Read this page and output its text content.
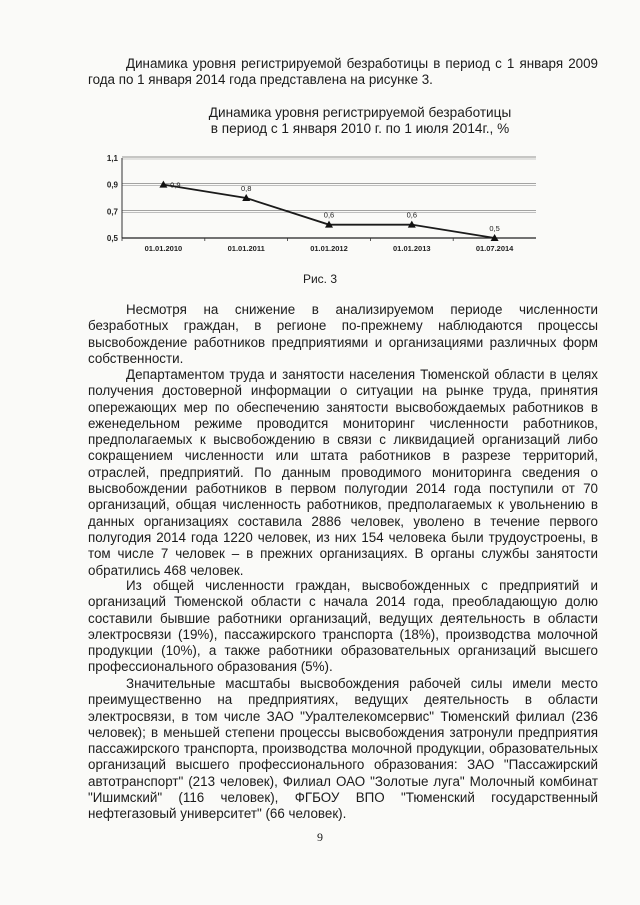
Динамика уровня регистрируемой безработицы в период с 1 января 2009 года по 1 января 2014 года представлена на рисунке 3.

Динамика уровня регистрируемой безработицы
в период с 1 января 2010 г. по 1 июля 2014г., %
1,1
0,9
0,7
0,5
01.01.2010	01.01.2011	01.01.2012	01.01.2013	01.07.2014
0,9	0,8
0,6	0,6
0,5
Рис. 3

Несмотря на снижение в анализируемом периоде численности безработных граждан, в регионе по-прежнему наблюдаются процессы высвобождение работников предприятиями и организациями различных форм собственности.

Департаментом труда и занятости населения Тюменской области в целях получения достоверной информации о ситуации на рынке труда, принятия опережающих мер по обеспечению занятости высвобождаемых работников в еженедельном режиме проводится мониторинг численности работников, предполагаемых к высвобождению в связи с ликвидацией организаций либо сокращением численности или штата работников в разрезе территорий, отраслей, предприятий. По данным проводимого мониторинга сведения о высвобождении работников в первом полугодии 2014 года поступили от 70 организаций, общая численность работников, предполагаемых к увольнению в данных организациях составила 2886 человек, уволено в течение первого полугодия 2014 года 1220 человек, из них 154 человека были трудоустроены, в том числе 7 человек – в прежних организациях. В органы службы занятости обратились 468 человек.

Из общей численности граждан, высвобожденных с предприятий и организаций Тюменской области с начала 2014 года, преобладающую долю составили бывшие работники организаций, ведущих деятельность в области электросвязи (19%), пассажирского транспорта (18%), производства молочной продукции (10%), а также работники образовательных организаций высшего профессионального образования (5%).

Значительные масштабы высвобождения рабочей силы имели место преимущественно на предприятиях, ведущих деятельность в области электросвязи, в том числе ЗАО "Уралтелекомсервис" Тюменский филиал (236 человек); в меньшей степени процессы высвобождения затронули предприятия пассажирского транспорта, производства молочной продукции, образовательных организаций высшего профессионального образования: ЗАО "Пассажирский автотранспорт" (213 человек), Филиал ОАО "Золотые луга" Молочный комбинат "Ишимский" (116 человек), ФГБОУ ВПО "Тюменский государственный нефтегазовый университет" (66 человек).

9
